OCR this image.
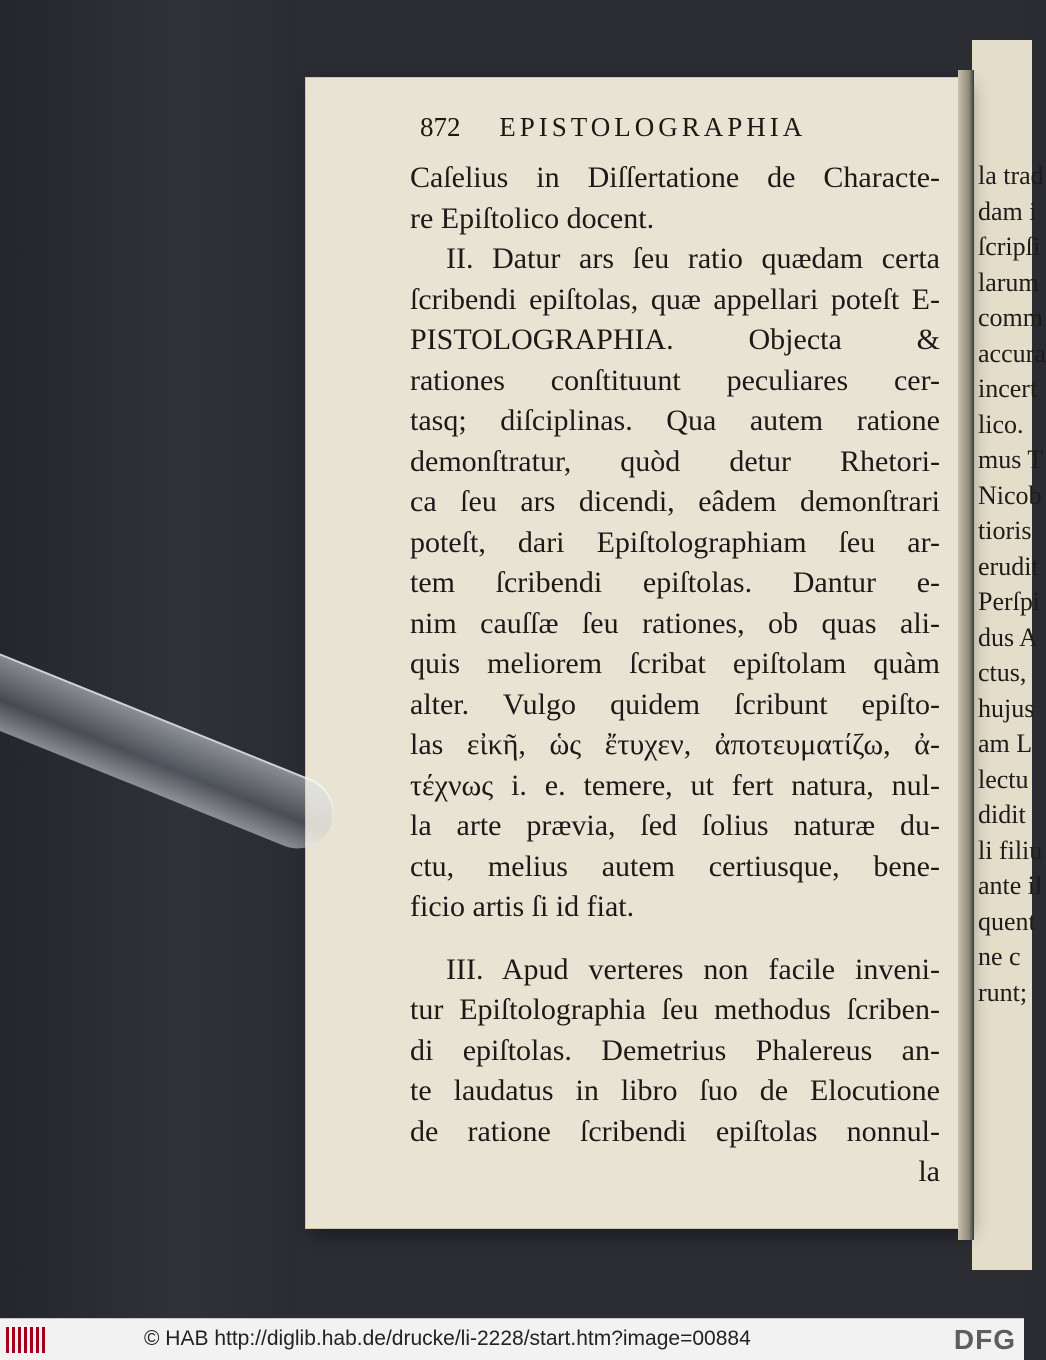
la trad
dam i
ſcripſi
larum
comm
accura
incert
lico.
mus T
Nicob
tioris
erudit
Perſpi
dus A
ctus,
hujus
am L
lectu
didit
li filiu
ante il
quent
ne c
runt;
872 EPISTOLOGRAPHIA
Caſelius in Diſſertatione de Characte-
re Epiſtolico docent.
II. Datur ars ſeu ratio quædam certa
ſcribendi epiſtolas, quæ appellari poteſt E-
PISTOLOGRAPHIA. Objecta &
rationes conſtituunt peculiares cer-
tasq; diſciplinas. Qua autem ratione
demonſtratur, quòd detur Rhetori-
ca ſeu ars dicendi, eâdem demonſtrari
poteſt, dari Epiſtolographiam ſeu ar-
tem ſcribendi epiſtolas. Dantur e-
nim cauſſæ ſeu rationes, ob quas ali-
quis meliorem ſcribat epiſtolam quàm
alter. Vulgo quidem ſcribunt epiſto-
las εἰκῆ, ὡς ἔτυχεν, ἀποτευματίζω, ἀ-
τέχνως i. e. temere, ut fert natura, nul-
la arte prævia, ſed ſolius naturæ du-
ctu, melius autem certiusque, bene-
ficio artis ſi id fiat.
III. Apud verteres non facile inveni-
tur Epiſtolographia ſeu methodus ſcriben-
di epiſtolas. Demetrius Phalereus an-
te laudatus in libro ſuo de Elocutione
de ratione ſcribendi epiſtolas nonnul-
la
© HAB http://diglib.hab.de/drucke/li-2228/start.htm?image=00884	DFG
